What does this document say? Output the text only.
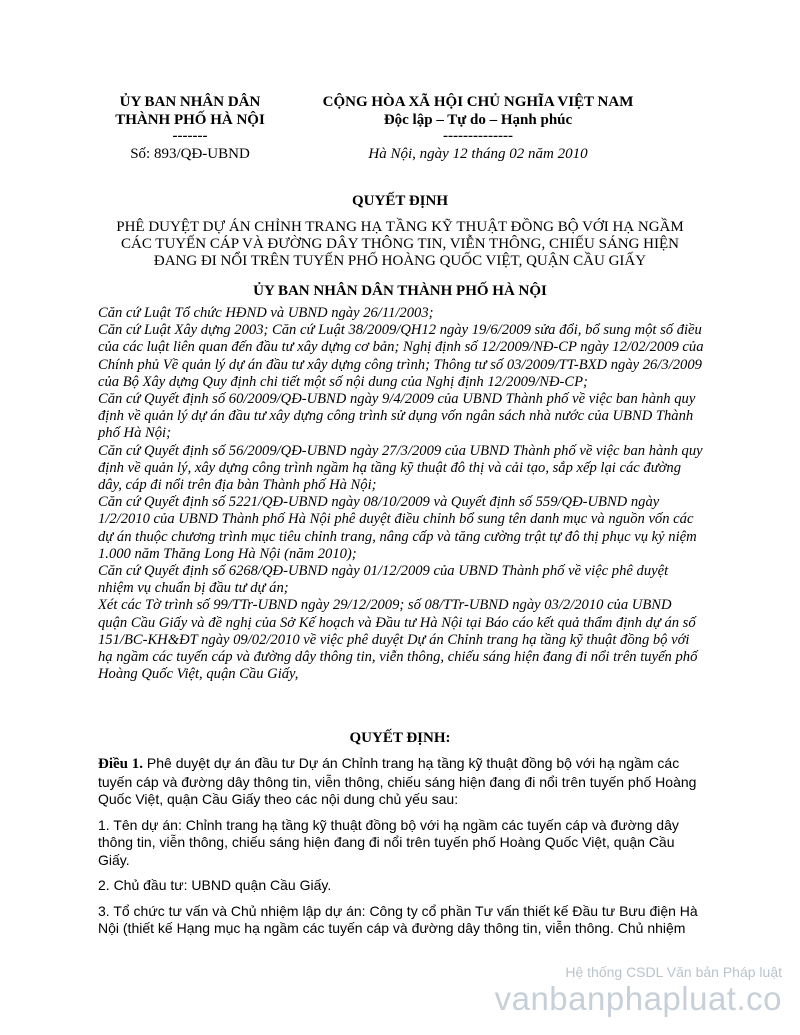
ỦY BAN NHÂN DÂN
THÀNH PHỐ HÀ NỘI
-------
Số: 893/QĐ-UBND
CỘNG HÒA XÃ HỘI CHỦ NGHĨA VIỆT NAM
Độc lập – Tự do – Hạnh phúc
--------------
Hà Nội, ngày 12 tháng 02 năm 2010
QUYẾT ĐỊNH
PHÊ DUYỆT DỰ ÁN CHỈNH TRANG HẠ TẦNG KỸ THUẬT ĐỒNG BỘ VỚI HẠ NGẦM CÁC TUYẾN CÁP VÀ ĐƯỜNG DÂY THÔNG TIN, VIỄN THÔNG, CHIẾU SÁNG HIỆN ĐANG ĐI NỔI TRÊN TUYẾN PHỐ HOÀNG QUỐC VIỆT, QUẬN CẦU GIẤY
ỦY BAN NHÂN DÂN THÀNH PHỐ HÀ NỘI

Căn cứ Luật Tổ chức HĐND và UBND ngày 26/11/2003;

Căn cứ Luật Xây dựng 2003; Căn cứ Luật 38/2009/QH12 ngày 19/6/2009 sửa đổi, bổ sung một số điều của các luật liên quan đến đầu tư xây dựng cơ bản; Nghị định số 12/2009/NĐ-CP ngày 12/02/2009 của Chính phủ Về quản lý dự án đầu tư xây dựng công trình; Thông tư số 03/2009/TT-BXD ngày 26/3/2009 của Bộ Xây dựng Quy định chi tiết một số nội dung của Nghị định 12/2009/NĐ-CP;

Căn cứ Quyết định số 60/2009/QĐ-UBND ngày 9/4/2009 của UBND Thành phố về việc ban hành quy định về quản lý dự án đầu tư xây dựng công trình sử dụng vốn ngân sách nhà nước của UBND Thành phố Hà Nội;

Căn cứ Quyết định số 56/2009/QĐ-UBND ngày 27/3/2009 của UBND Thành phố về việc ban hành quy định về quản lý, xây dựng công trình ngầm hạ tầng kỹ thuật đô thị và cải tạo, sắp xếp lại các đường dây, cáp đi nổi trên địa bàn Thành phố Hà Nội;

Căn cứ Quyết định số 5221/QĐ-UBND ngày 08/10/2009 và Quyết định số 559/QĐ-UBND ngày 1/2/2010 của UBND Thành phố Hà Nội phê duyệt điều chỉnh bổ sung tên danh mục và nguồn vốn các dự án thuộc chương trình mục tiêu chỉnh trang, nâng cấp và tăng cường trật tự đô thị phục vụ kỷ niệm 1.000 năm Thăng Long Hà Nội (năm 2010);

Căn cứ Quyết định số 6268/QĐ-UBND ngày 01/12/2009 của UBND Thành phố về việc phê duyệt nhiệm vụ chuẩn bị đầu tư dự án;

Xét các Tờ trình số 99/TTr-UBND ngày 29/12/2009; số 08/TTr-UBND ngày 03/2/2010 của UBND quận Cầu Giấy và đề nghị của Sở Kế hoạch và Đầu tư Hà Nội tại Báo cáo kết quả thẩm định dự án số 151/BC-KH&ĐT ngày 09/02/2010 về việc phê duyệt Dự án Chỉnh trang hạ tầng kỹ thuật đồng bộ với hạ ngầm các tuyến cáp và đường dây thông tin, viễn thông, chiếu sáng hiện đang đi nổi trên tuyến phố Hoàng Quốc Việt, quận Cầu Giấy,

QUYẾT ĐỊNH:

Điều 1. Phê duyệt dự án đầu tư Dự án Chỉnh trang hạ tầng kỹ thuật đồng bộ với hạ ngầm các tuyến cáp và đường dây thông tin, viễn thông, chiếu sáng hiện đang đi nổi trên tuyến phố Hoàng Quốc Việt, quận Cầu Giấy theo các nội dung chủ yếu sau:

1. Tên dự án: Chỉnh trang hạ tầng kỹ thuật đồng bộ với hạ ngầm các tuyến cáp và đường dây thông tin, viễn thông, chiếu sáng hiện đang đi nổi trên tuyến phố Hoàng Quốc Việt, quận Cầu Giấy.

2. Chủ đầu tư: UBND quận Cầu Giấy.

3. Tổ chức tư vấn và Chủ nhiệm lập dự án: Công ty cổ phần Tư vấn thiết kế Đầu tư Bưu điện Hà Nội (thiết kế Hạng mục hạ ngầm các tuyến cáp và đường dây thông tin, viễn thông. Chủ nhiệm

Hệ thống CSDL Văn bản Pháp luật
vanbanphapluat.co
